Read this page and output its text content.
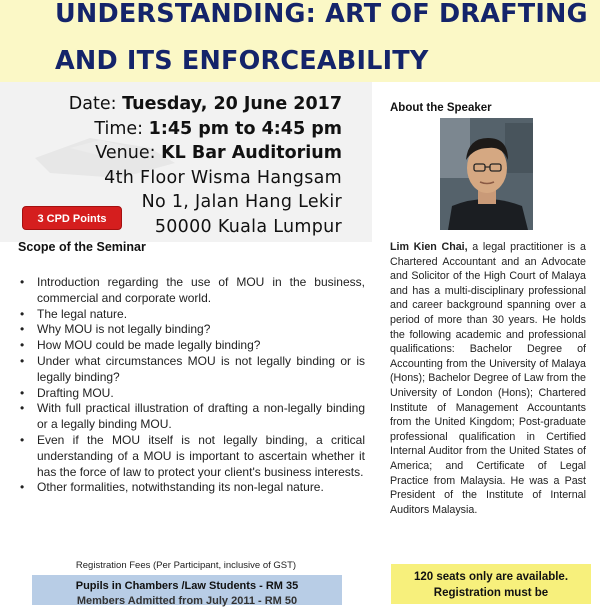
UNDERSTANDING: ART OF DRAFTING
AND ITS ENFORCEABILITY
Date: Tuesday, 20 June 2017
Time: 1:45 pm to 4:45 pm
Venue: KL Bar Auditorium
4th Floor Wisma Hangsam
No 1, Jalan Hang Lekir
50000 Kuala Lumpur
3 CPD Points
Scope of the Seminar
• Introduction regarding the use of MOU in the business, commercial and corporate world.
• The legal nature.
• Why MOU is not legally binding?
• How MOU could be made legally binding?
• Under what circumstances MOU is not legally binding or is legally binding?
• Drafting MOU.
• With full practical illustration of drafting a non-legally binding or a legally binding MOU.
• Even if the MOU itself is not legally binding, a critical understanding of a MOU is important to ascertain whether it has the force of law to protect your client's business interests.
• Other formalities, notwithstanding its non-legal nature.
Registration Fees (Per Participant, inclusive of GST)
Pupils in Chambers /Law Students - RM 35
Members Admitted from July 2011 - RM 50
About the Speaker
Lim Kien Chai, a legal practitioner is a Chartered Accountant and an Advocate and Solicitor of the High Court of Malaya and has a multi-disciplinary professional and career background spanning over a period of more than 30 years. He holds the following academic and professional qualifications: Bachelor Degree of Accounting from the University of Malaya (Hons); Bachelor Degree of Law from the University of London (Hons); Chartered Institute of Management Accountants from the United Kingdom; Post-graduate professional qualification in Certified Internal Auditor from the United States of America; and Certificate of Legal Practice from Malaysia. He was a Past President of the Institute of Internal Auditors Malaysia.
120 seats only are available.
Registration must be
